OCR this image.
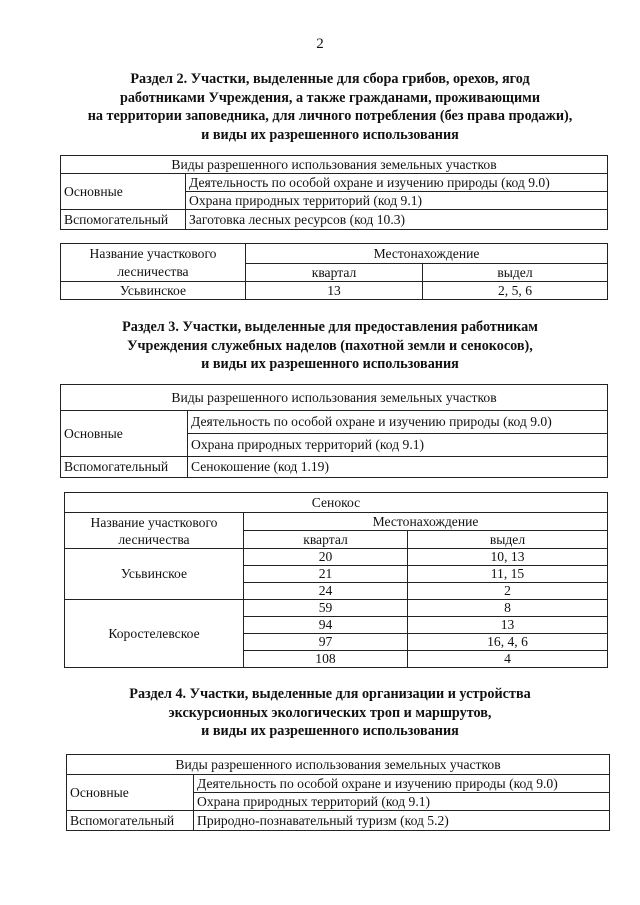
2
Раздел 2. Участки, выделенные для сбора грибов, орехов, ягод
работниками Учреждения, а также гражданами, проживающими
на территории заповедника, для личного потребления (без права продажи),
и виды их разрешенного использования
Виды разрешенного использования земельных участков	
Основные	Деятельность по особой охране и изучению природы (код 9.0)
	Охрана природных территорий (код 9.1)
Вспомогательный	Заготовка лесных ресурсов (код 10.3)
Название участкового лесничества	Местонахождение	
	квартал	выдел
Усьвинское	13	2, 5, 6
Раздел 3. Участки, выделенные для предоставления работникам
Учреждения служебных наделов (пахотной земли и сенокосов),
и виды их разрешенного использования
Виды разрешенного использования земельных участков	
Основные	Деятельность по особой охране и изучению природы (код 9.0)
	Охрана природных территорий (код 9.1)
Вспомогательный	Сенокошение (код 1.19)
Сенокос		
Название участкового лесничества	Местонахождение	
	квартал	выдел
Усьвинское	20	10, 13
	21	11, 15
	24	2
Коростелевское	59	8
	94	13
	97	16, 4, 6
	108	4
Раздел 4. Участки, выделенные для организации и устройства
экскурсионных экологических троп и маршрутов,
и виды их разрешенного использования
Виды разрешенного использования земельных участков	
Основные	Деятельность по особой охране и изучению природы (код 9.0)
	Охрана природных территорий (код 9.1)
Вспомогательный	Природно-познавательный туризм (код 5.2)
